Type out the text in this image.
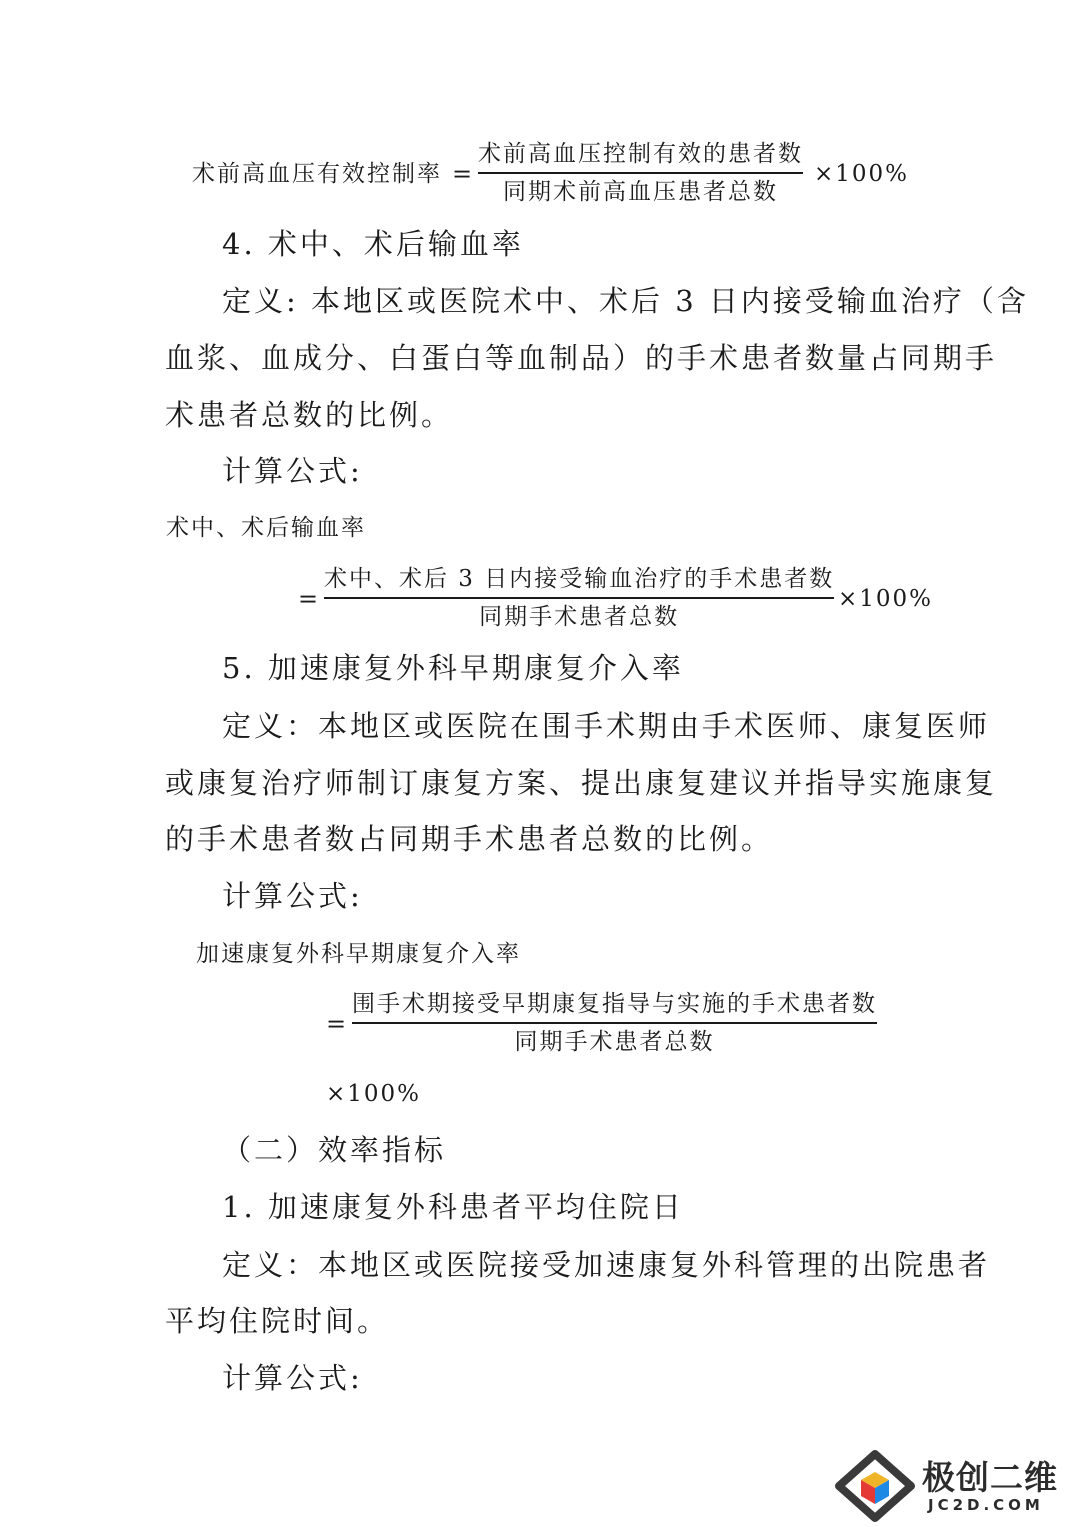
术前高血压有效控制率 =
术前高血压控制有效的患者数
同期术前高血压患者总数
×100%
4. 术中、术后输血率
定义: 本地区或医院术中、术后 3 日内接受输血治疗（含
血浆、血成分、白蛋白等血制品）的手术患者数量占同期手
术患者总数的比例。
计算公式:
术中、术后输血率
=
术中、术后 3 日内接受输血治疗的手术患者数
同期手术患者总数
×100%
5. 加速康复外科早期康复介入率
定义：本地区或医院在围手术期由手术医师、康复医师
或康复治疗师制订康复方案、提出康复建议并指导实施康复
的手术患者数占同期手术患者总数的比例。
计算公式:
加速康复外科早期康复介入率
=
围手术期接受早期康复指导与实施的手术患者数
同期手术患者总数
×100%
（二）效率指标
1. 加速康复外科患者平均住院日
定义：本地区或医院接受加速康复外科管理的出院患者
平均住院时间。
计算公式:
极创二维
JC2D.COM
